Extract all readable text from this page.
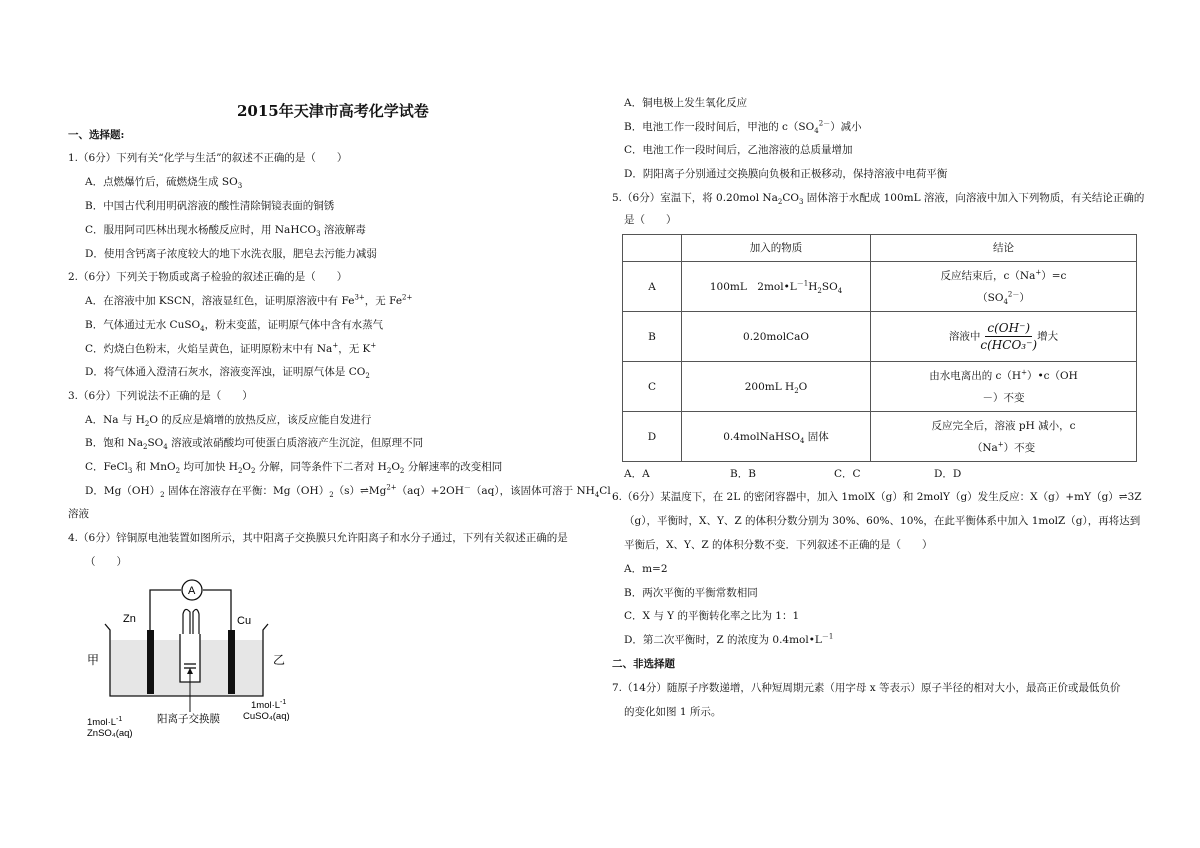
2015年天津市高考化学试卷
一、选择题:
1.（6分）下列有关“化学与生活”的叙述不正确的是（　　）
A．点燃爆竹后，硫燃烧生成 $SO_3$
B．中国古代利用明矾溶液的酸性清除铜镜表面的铜锈
C．服用阿司匹林出现水杨酸反应时，用 NaHCO$_3$ 溶液解毒
D．使用含钙离子浓度较大的地下水洗衣服，肥皂去污能力减弱
2.（6分）下列关于物质或离子检验的叙述正确的是（　　）
A．在溶液中加 KSCN，溶液显红色，证明原溶液中有 $Fe^{3+}$，无 $Fe^{2+}$
B．气体通过无水 CuSO$_4$，粉末变蓝，证明原气体中含有水蒸气
C．灼烧白色粉末，火焰呈黄色，证明原粉末中有 Na+，无 K+
D．将气体通入澄清石灰水，溶液变浑浊，证明原气体是 $CO_2$
3.（6分）下列说法不正确的是（　　）
A．Na 与 $H_2O$ 的反应是熵增的放热反应，该反应能自发进行
B．饱和 $Na_2SO_4$ 溶液或浓硝酸均可使蛋白质溶液产生沉淀，但原理不同
C．FeCl$_3$ 和 MnO$_2$ 均可加快 $H_2O_2$ 分解，同等条件下二者对 $H_2O_2$ 分解速率的改变相同
D．$Mg(OH)_2$ 固体在溶液存在平衡：$Mg(OH)_2(s)\rightleftharpoons Mg^{2+}(aq)+2OH^-(aq)$，该固体可溶于 $NH_4Cl$
溶液
4.（6分）锌铜原电池装置如图所示，其中阳离子交换膜只允许阳离子和水分子通过，下列有关叙述正确的是
（　　）
A
Zn	Cu
甲	乙
阳离子交换膜
$1mol\cdot L^{-1}$
ZnSO₄(aq)
$1mol\cdot L^{-1}$
CuSO₄(aq)
A．铜电极上发生氧化反应
B．电池工作一段时间后，甲池的 $c(SO_4^{2-})$减小
C．电池工作一段时间后，乙池溶液的总质量增加
D．阴阳离子分别通过交换膜向负极和正极移动，保持溶液中电荷平衡
5.（6分）室温下，将 0.20mol $Na_2CO_3$ 固体溶于水配成 100mL 溶液，向溶液中加入下列物质，有关结论正确的
是（　　）
	加入的物质	结论
A	100mL　$2mol•L^{-1}H_2SO_4$	反应结束后，c（Na+）=c
$(SO_4^{2-})$
B	0.20molCaO	溶液中 $\frac{c(OH^-)}{\text{c(HCO₃⁻)}}$ 增大
C	200mL $H_2O$	由水电离出的 c（H+）•c（OH
－）不变
D	0.4molNaHSO$_4$ 固体	反应完全后，溶液 pH 减小，c
（Na+）不变
A．A	B．B	C．C	D．D
6.（6分）某温度下，在 2L 的密闭容器中，加入 1molX（g）和 2molY（g）发生反应：X（g）+mY（g）⇌3Z
（g），平衡时，X、Y、Z 的体积分数分别为 30%、60%、10%，在此平衡体系中加入 1molZ（g），再将达到
平衡后，X、Y、Z 的体积分数不变．下列叙述不正确的是（　　）
A．m=2
B．两次平衡的平衡常数相同
C．X 与 Y 的平衡转化率之比为 1：1
D．第二次平衡时，Z 的浓度为 $0.4mol•L^{-1}$
二、非选择题
7.（14分）随原子序数递增，八种短周期元素（用字母 x 等表示）原子半径的相对大小，最高正价或最低负价
的变化如图 1 所示。
